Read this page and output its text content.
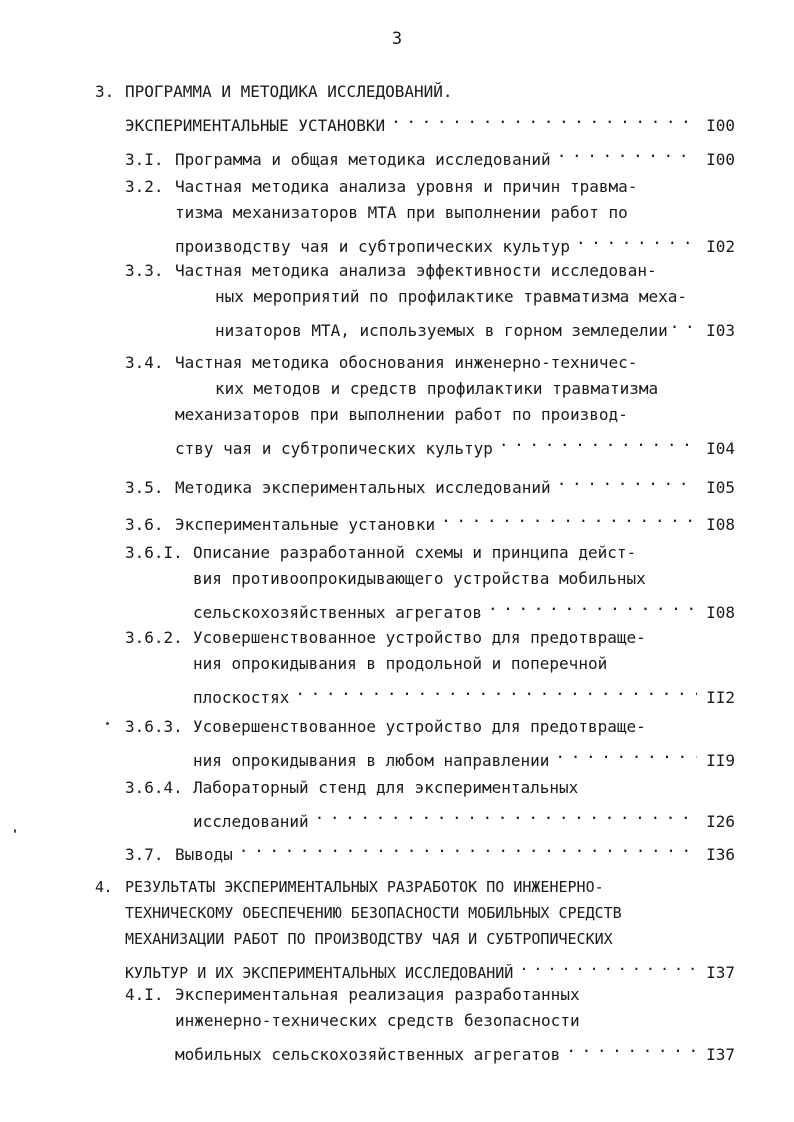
3
3. ПРОГРАММА И МЕТОДИКА ИССЛЕДОВАНИЙ.
ЭКСПЕРИМЕНТАЛЬНЫЕ УСТАНОВКИ . . .	I00
3.I. Программа и общая методика исследований . . .	I00
3.2. Частная методика анализа уровня и причин травма-
тизма механизаторов МТА при выполнении работ по
производству чая и субтропических культур . . .	I02
3.3. Частная методика анализа эффективности исследован-
ных мероприятий по профилактике травматизма меха-
низаторов МТА, используемых в горном земледелии . . . I03
3.4. Частная методика обоснования инженерно-техничес-
ких методов и средств профилактики травматизма
механизаторов при выполнении работ по производ-
ству чая и субтропических культур . . .	I04
3.5. Методика экспериментальных исследований . . .	I05
3.6. Экспериментальные установки . . .	I08
3.6.I. Описание разработанной схемы и принципа дейст-
вия противоопрокидывающего устройства мобильных
сельскохозяйственных агрегатов . . .	I08
3.6.2. Усовершенствованное устройство для предотвраще-
ния опрокидывания в продольной и поперечной
плоскостях . . .	II2
3.6.3. Усовершенствованное устройство для предотвраще-
ния опрокидывания в любом направлении . . .	II9
3.6.4. Лабораторный стенд для экспериментальных
исследований . . .	I26
3.7. Выводы . . .	I36
4. РЕЗУЛЬТАТЫ ЭКСПЕРИМЕНТАЛЬНЫХ РАЗРАБОТОК ПО ИНЖЕНЕРНО-
ТЕХНИЧЕСКОМУ ОБЕСПЕЧЕНИЮ БЕЗОПАСНОСТИ МОБИЛЬНЫХ СРЕДСТВ
МЕХАНИЗАЦИИ РАБОТ ПО ПРОИЗВОДСТВУ ЧАЯ И СУБТРОПИЧЕСКИХ
КУЛЬТУР И ИХ ЭКСПЕРИМЕНТАЛЬНЫХ ИССЛЕДОВАНИЙ . . .	I37
4.I. Экспериментальная реализация разработанных
инженерно-технических средств безопасности
мобильных сельскохозяйственных агрегатов . . .	I37
